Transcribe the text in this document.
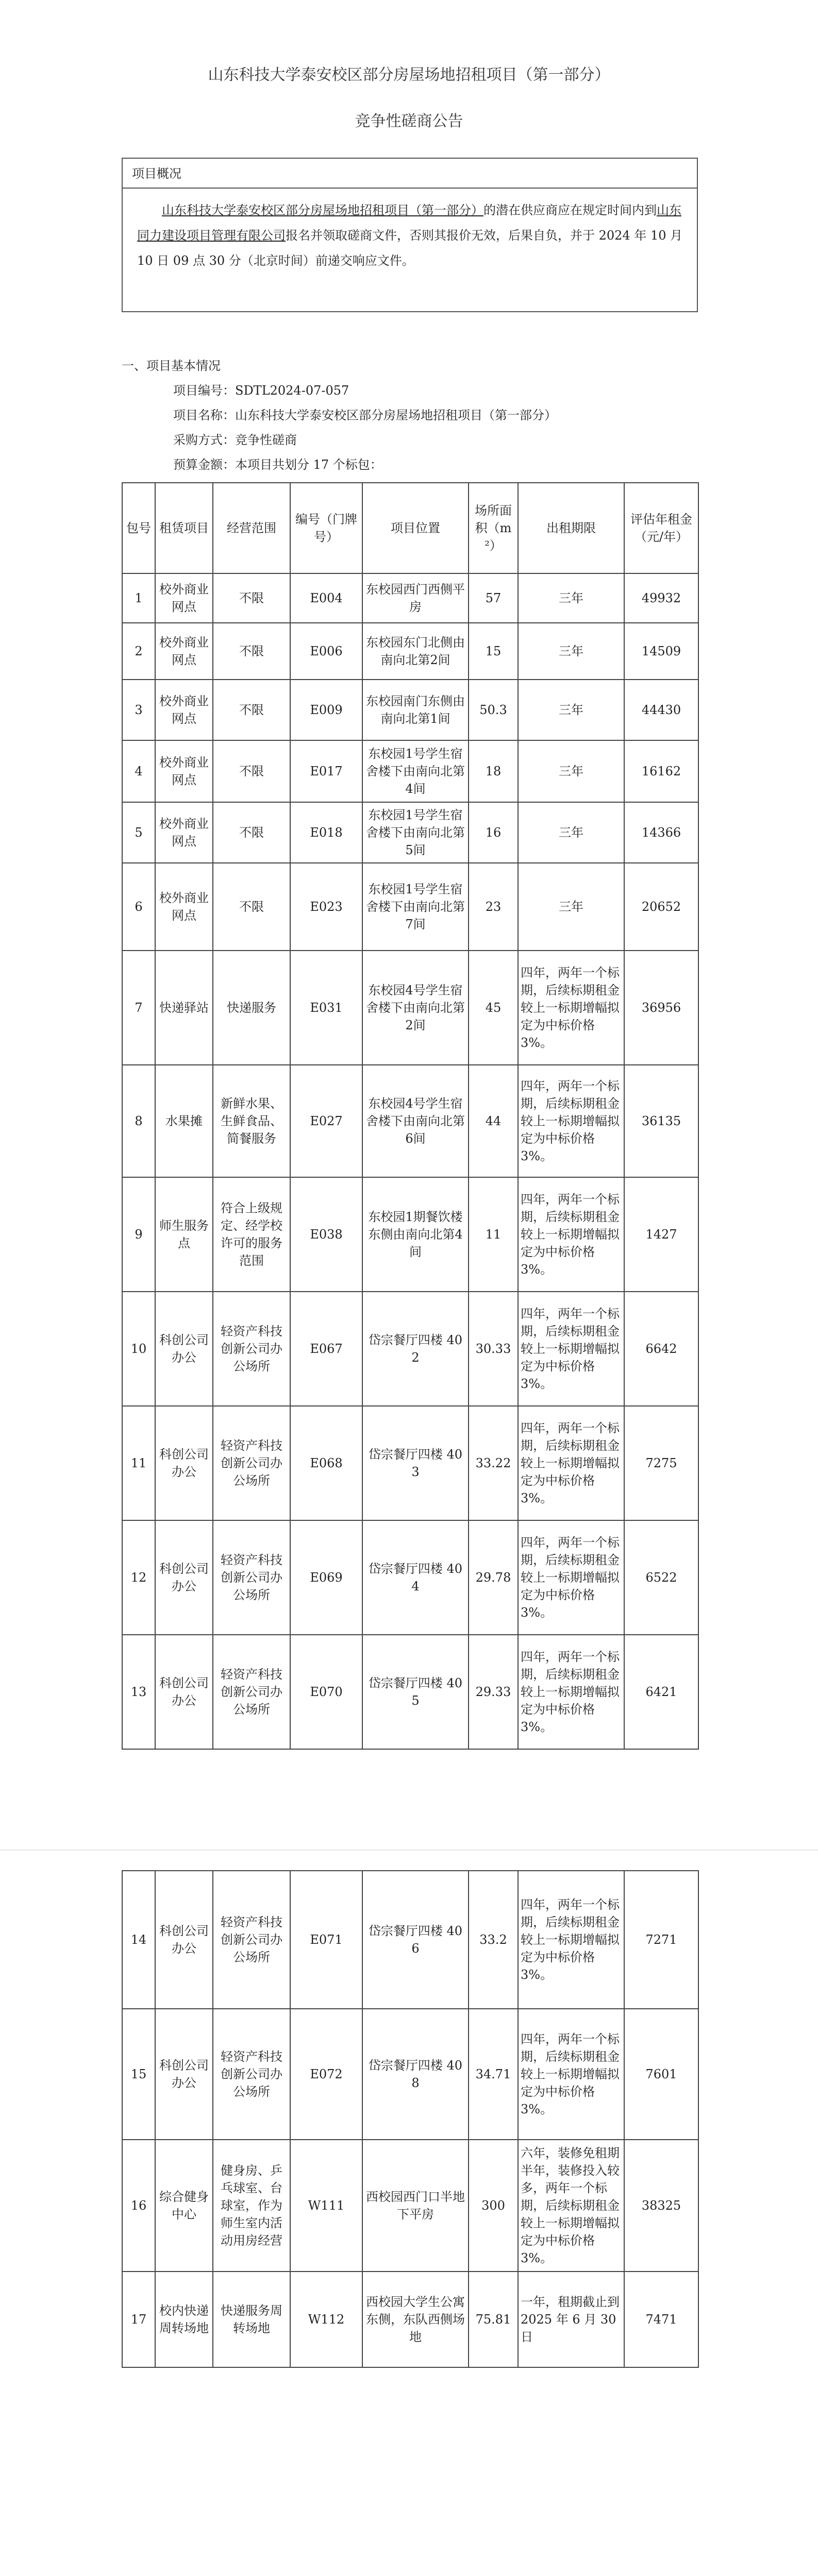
山东科技大学泰安校区部分房屋场地招租项目（第一部分）
竞争性磋商公告
项目概况
山东科技大学泰安校区部分房屋场地招租项目（第一部分）的潜在供应商应在规定时间内到山东同力建设项目管理有限公司报名并领取磋商文件，否则其报价无效，后果自负，并于 2024 年 10 月 10 日 09 点 30 分（北京时间）前递交响应文件。
一、项目基本情况
项目编号：SDTL2024-07-057
项目名称：山东科技大学泰安校区部分房屋场地招租项目（第一部分）
采购方式：竞争性磋商
预算金额：本项目共划分 17 个标包：
包号	租赁项目	经营范围	编号（门牌号）	项目位置	场所面积（m²）	出租期限	评估年租金（元/年）
1	校外商业网点	不限	E004	东校园西门西侧平房	57	三年	49932
2	校外商业网点	不限	E006	东校园东门北侧由南向北第2间	15	三年	14509
3	校外商业网点	不限	E009	东校园南门东侧由南向北第1间	50.3	三年	44430
4	校外商业网点	不限	E017	东校园1号学生宿舍楼下由南向北第4间	18	三年	16162
5	校外商业网点	不限	E018	东校园1号学生宿舍楼下由南向北第5间	16	三年	14366
6	校外商业网点	不限	E023	东校园1号学生宿舍楼下由南向北第7间	23	三年	20652
7	快递驿站	快递服务	E031	东校园4号学生宿舍楼下由南向北第2间	45	四年，两年一个标期，后续标期租金较上一标期增幅拟定为中标价格 3%。	36956
8	水果摊	新鲜水果、生鲜食品、简餐服务	E027	东校园4号学生宿舍楼下由南向北第6间	44	四年，两年一个标期，后续标期租金较上一标期增幅拟定为中标价格 3%。	36135
9	师生服务点	符合上级规定、经学校许可的服务范围	E038	东校园1期餐饮楼东侧由南向北第4间	11	四年，两年一个标期，后续标期租金较上一标期增幅拟定为中标价格 3%。	1427
10	科创公司办公	轻资产科技创新公司办公场所	E067	岱宗餐厅四楼 402	30.33	四年，两年一个标期，后续标期租金较上一标期增幅拟定为中标价格 3%。	6642
11	科创公司办公	轻资产科技创新公司办公场所	E068	岱宗餐厅四楼 403	33.22	四年，两年一个标期，后续标期租金较上一标期增幅拟定为中标价格 3%。	7275
12	科创公司办公	轻资产科技创新公司办公场所	E069	岱宗餐厅四楼 404	29.78	四年，两年一个标期，后续标期租金较上一标期增幅拟定为中标价格 3%。	6522
13	科创公司办公	轻资产科技创新公司办公场所	E070	岱宗餐厅四楼 405	29.33	四年，两年一个标期，后续标期租金较上一标期增幅拟定为中标价格 3%。	6421
14	科创公司办公	轻资产科技创新公司办公场所	E071	岱宗餐厅四楼 406	33.2	四年，两年一个标期，后续标期租金较上一标期增幅拟定为中标价格 3%。	7271
15	科创公司办公	轻资产科技创新公司办公场所	E072	岱宗餐厅四楼 408	34.71	四年，两年一个标期，后续标期租金较上一标期增幅拟定为中标价格 3%。	7601
16	综合健身中心	健身房、乒乓球室、台球室，作为师生室内活动用房经营	W111	西校园西门口半地下平房	300	六年，装修免租期半年，装修投入较多，两年一个标期，后续标期租金较上一标期增幅拟定为中标价格 3%。	38325
17	校内快递周转场地	快递服务周转场地	W112	西校园大学生公寓东侧，东队西侧场地	75.81	一年，租期截止到 2025 年 6 月 30 日	7471
